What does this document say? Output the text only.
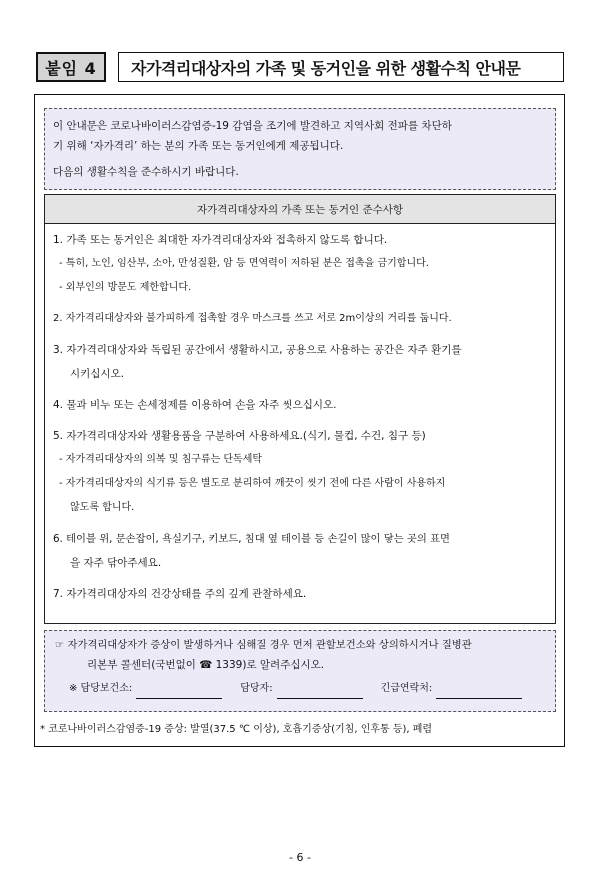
붙임 4	자가격리대상자의 가족 및 동거인을 위한 생활수칙 안내문

이 안내문은 코로나바이러스감염증-19 감염을 조기에 발견하고 지역사회 전파를 차단하

기 위해 ‘자가격리’ 하는 분의 가족 또는 동거인에게 제공됩니다.

다음의 생활수칙을 준수하시기 바랍니다.

자가격리대상자의 가족 또는 동거인 준수사항

1. 가족 또는 동거인은 최대한 자가격리대상자와 접촉하지 않도록 합니다.

- 특히, 노인, 임산부, 소아, 만성질환, 암 등 면역력이 저하된 분은 접촉을 금기합니다.

- 외부인의 방문도 제한합니다.

2. 자가격리대상자와 불가피하게 접촉할 경우 마스크를 쓰고 서로 2m이상의 거리를 둡니다.

3. 자가격리대상자와 독립된 공간에서 생활하시고, 공용으로 사용하는 공간은 자주 환기를

시키십시오.

4. 물과 비누 또는 손세정제를 이용하여 손을 자주 씻으십시오.

5. 자가격리대상자와 생활용품을 구분하여 사용하세요.(식기, 물컵, 수건, 침구 등)

- 자가격리대상자의 의복 및 침구류는 단독세탁

- 자가격리대상자의 식기류 등은 별도로 분리하여 깨끗이 씻기 전에 다른 사람이 사용하지

않도록 합니다.

6. 테이블 위, 문손잡이, 욕실기구, 키보드, 침대 옆 테이블 등 손길이 많이 닿는 곳의 표면

을 자주 닦아주세요.

7. 자가격리대상자의 건강상태를 주의 깊게 관찰하세요.

☞ 자가격리대상자가 증상이 발생하거나 심해질 경우 먼저 관할보건소와 상의하시거나 질병관

리본부 콜센터(국번없이 ☎ 1339)로 알려주십시오.

※ 담당보건소:	담당자:	긴급연락처:
* 코로나바이러스감염증-19 증상: 발열(37.5 ℃ 이상), 호흡기증상(기침, 인후통 등), 폐렴
- 6 -
